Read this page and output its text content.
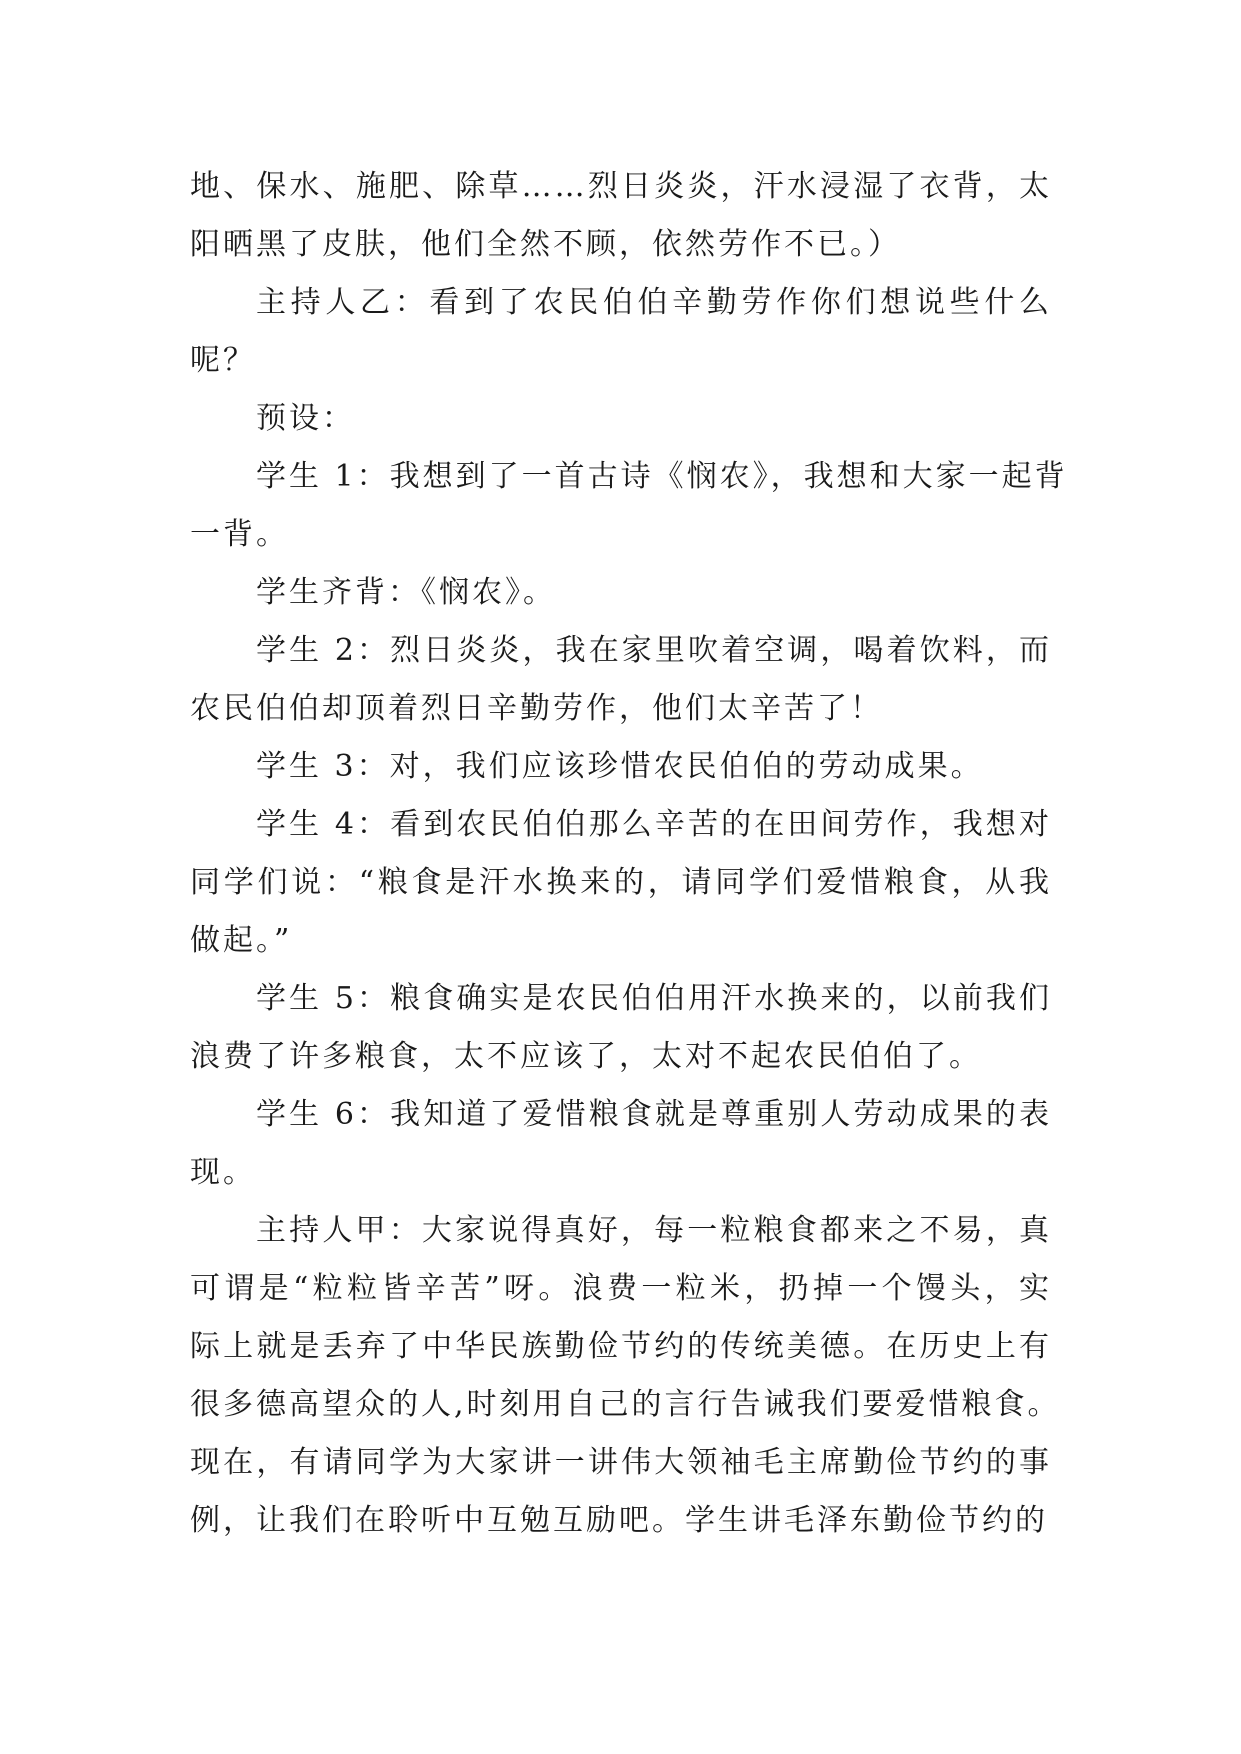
地、保水、施肥、除草……烈日炎炎，汗水浸湿了衣背，太
阳晒黑了皮肤，他们全然不顾，依然劳作不已。）
主持人乙：看到了农民伯伯辛勤劳作你们想说些什么
呢？
预设：
学生 1：我想到了一首古诗《悯农》，我想和大家一起背
一背。
学生齐背：《悯农》。
学生 2：烈日炎炎，我在家里吹着空调，喝着饮料，而
农民伯伯却顶着烈日辛勤劳作，他们太辛苦了！
学生 3：对，我们应该珍惜农民伯伯的劳动成果。
学生 4：看到农民伯伯那么辛苦的在田间劳作，我想对
同学们说：“粮食是汗水换来的，请同学们爱惜粮食，从我
做起。”
学生 5：粮食确实是农民伯伯用汗水换来的，以前我们
浪费了许多粮食，太不应该了，太对不起农民伯伯了。
学生 6：我知道了爱惜粮食就是尊重别人劳动成果的表
现。
主持人甲：大家说得真好，每一粒粮食都来之不易，真
可谓是“粒粒皆辛苦”呀。浪费一粒米，扔掉一个馒头，实
际上就是丢弃了中华民族勤俭节约的传统美德。在历史上有
很多德高望众的人,时刻用自己的言行告诫我们要爱惜粮食。
现在，有请同学为大家讲一讲伟大领袖毛主席勤俭节约的事
例，让我们在聆听中互勉互励吧。学生讲毛泽东勤俭节约的
